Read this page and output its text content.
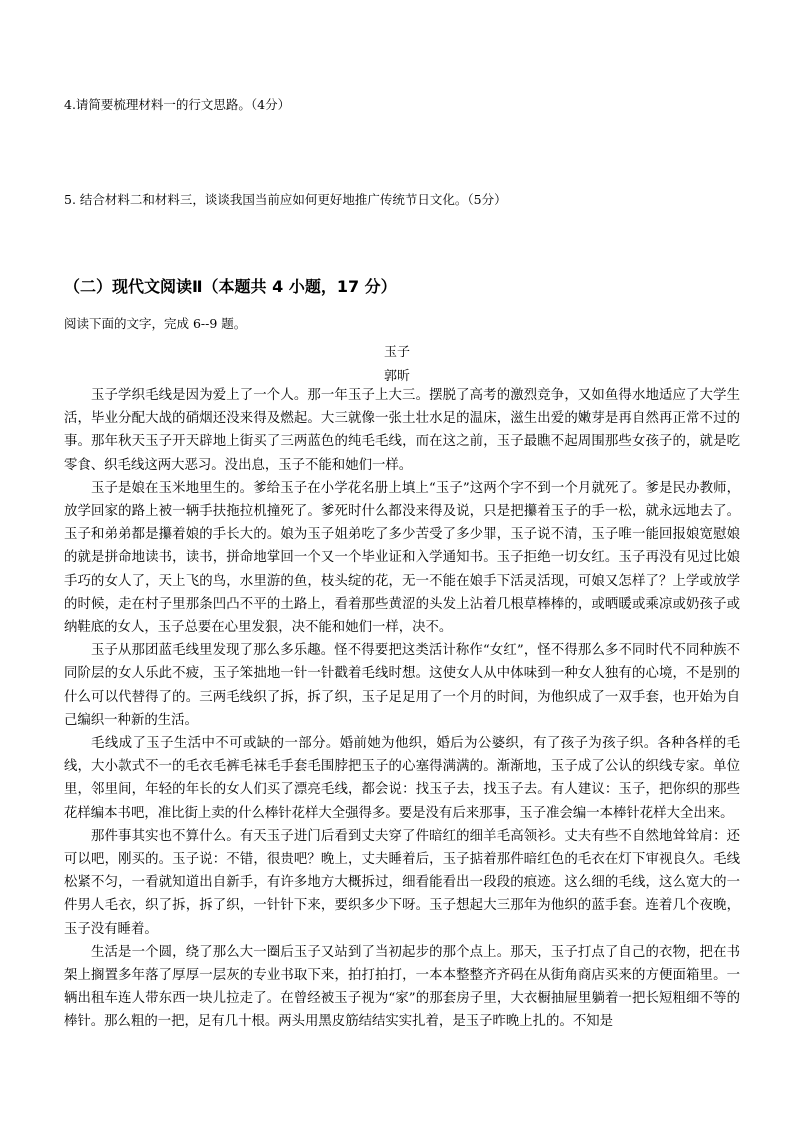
4.请简要梳理材料一的行文思路。（4分）
5. 结合材料二和材料三，谈谈我国当前应如何更好地推广传统节日文化。（5分）
（二）现代文阅读Ⅱ（本题共 4 小题，17 分）
阅读下面的文字，完成 6--9 题。
玉子
郭昕

玉子学织毛线是因为爱上了一个人。那一年玉子上大三。摆脱了高考的激烈竞争，又如鱼得水地适应了大学生活，毕业分配大战的硝烟还没来得及燃起。大三就像一张土壮水足的温床，滋生出爱的嫩芽是再自然再正常不过的事。那年秋天玉子开天辟地上街买了三两蓝色的纯毛毛线，而在这之前，玉子最瞧不起周围那些女孩子的，就是吃零食、织毛线这两大恶习。没出息，玉子不能和她们一样。

玉子是娘在玉米地里生的。爹给玉子在小学花名册上填上“玉子”这两个字不到一个月就死了。爹是民办教师，放学回家的路上被一辆手扶拖拉机撞死了。爹死时什么都没来得及说，只是把攥着玉子的手一松，就永远地去了。玉子和弟弟都是攥着娘的手长大的。娘为玉子姐弟吃了多少苦受了多少罪，玉子说不清，玉子唯一能回报娘宽慰娘的就是拼命地读书，读书，拼命地掌回一个又一个毕业证和入学通知书。玉子拒绝一切女红。玉子再没有见过比娘手巧的女人了，天上飞的鸟，水里游的鱼，枝头绽的花，无一不能在娘手下活灵活现，可娘又怎样了？上学或放学的时候，走在村子里那条凹凸不平的土路上，看着那些黄涩的头发上沾着几根草棒棒的，或晒暖或乘凉或奶孩子或纳鞋底的女人，玉子总要在心里发狠，决不能和她们一样，决不。

玉子从那团蓝毛线里发现了那么多乐趣。怪不得要把这类活计称作“女红”，怪不得那么多不同时代不同种族不同阶层的女人乐此不疲，玉子笨拙地一针一针戳着毛线时想。这使女人从中体味到一种女人独有的心境，不是别的什么可以代替得了的。三两毛线织了拆，拆了织，玉子足足用了一个月的时间，为他织成了一双手套，也开始为自己编织一种新的生活。

毛线成了玉子生活中不可或缺的一部分。婚前她为他织，婚后为公婆织，有了孩子为孩子织。各种各样的毛线，大小款式不一的毛衣毛裤毛袜毛手套毛围脖把玉子的心塞得满满的。渐渐地，玉子成了公认的织线专家。单位里，邻里间，年轻的年长的女人们买了漂亮毛线，都会说：找玉子去，找玉子去。有人建议：玉子，把你织的那些花样编本书吧，准比街上卖的什么棒针花样大全强得多。要是没有后来那事，玉子准会编一本棒针花样大全出来。

那件事其实也不算什么。有天玉子进门后看到丈夫穿了件暗红的细羊毛高领衫。丈夫有些不自然地耸耸肩：还可以吧，刚买的。玉子说：不错，很贵吧？晚上，丈夫睡着后，玉子掂着那件暗红色的毛衣在灯下审视良久。毛线松紧不匀，一看就知道出自新手，有许多地方大概拆过，细看能看出一段段的痕迹。这么细的毛线，这么宽大的一件男人毛衣，织了拆，拆了织，一针针下来，要织多少下呀。玉子想起大三那年为他织的蓝手套。连着几个夜晚，玉子没有睡着。

生活是一个圆，绕了那么大一圈后玉子又站到了当初起步的那个点上。那天，玉子打点了自己的衣物，把在书架上搁置多年落了厚厚一层灰的专业书取下来，拍打拍打，一本本整整齐齐码在从街角商店买来的方便面箱里。一辆出租车连人带东西一块儿拉走了。在曾经被玉子视为“家”的那套房子里，大衣橱抽屉里躺着一把长短粗细不等的棒针。那么粗的一把，足有几十根。两头用黑皮筋结结实实扎着，是玉子昨晚上扎的。不知是
